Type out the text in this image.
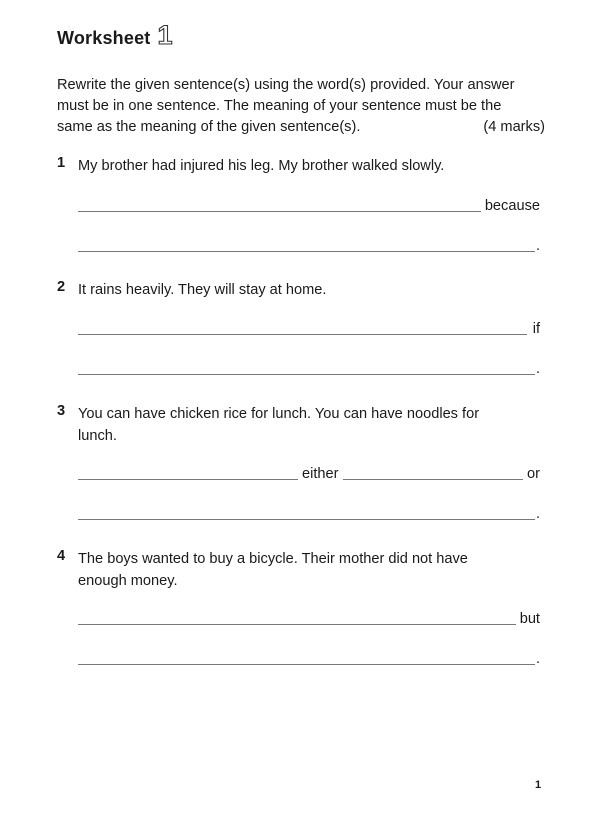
Worksheet 1
Rewrite the given sentence(s) using the word(s) provided. Your answer
must be in one sentence. The meaning of your sentence must be the
same as the meaning of the given sentence(s).	(4 marks)
1 My brother had injured his leg. My brother walked slowly.
because
.
2 It rains heavily. They will stay at home.
if
.
3 You can have chicken rice for lunch. You can have noodles for
lunch.
either	or
.
4 The boys wanted to buy a bicycle. Their mother did not have
enough money.
but
.
1
